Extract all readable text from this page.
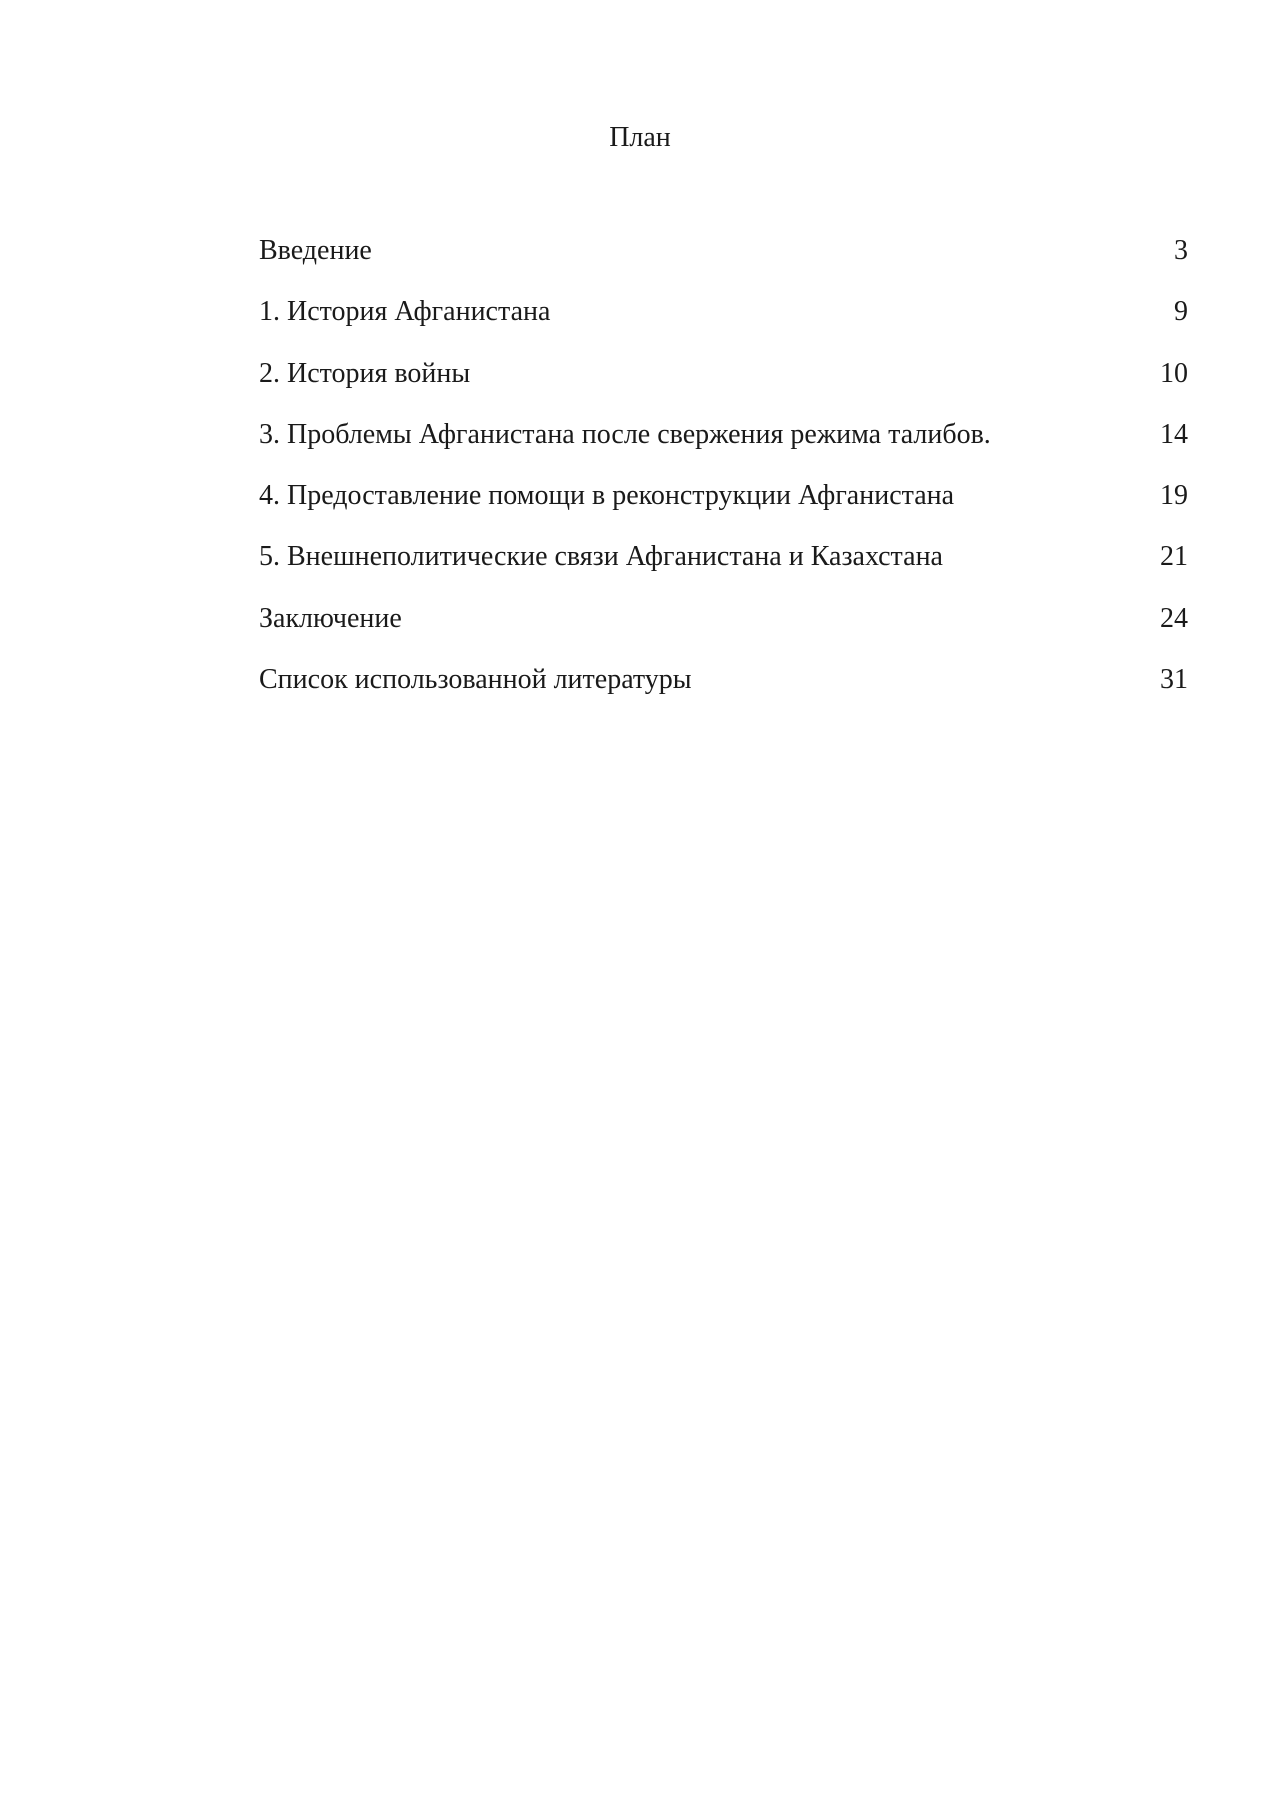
План
Введение	3
1. История Афганистана	9
2. История войны	10
3. Проблемы Афганистана после свержения режима талибов.	14
4. Предоставление помощи в реконструкции Афганистана	19
5. Внешнеполитические связи Афганистана и Казахстана	21
Заключение	24
Список использованной литературы	31
